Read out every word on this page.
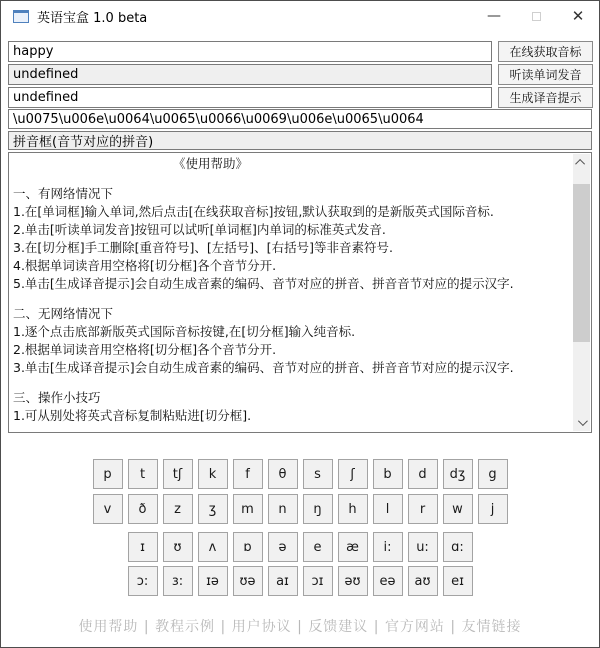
英语宝盒 1.0 beta	—	✕
happy
在线获取音标
undefined
听读单词发音
undefined
生成译音提示
\u0075\u006e\u0064\u0065\u0066\u0069\u006e\u0065\u0064
拼音框(音节对应的拼音)
《使用帮助》
一、有网络情况下
1.在[单词框]输入单词,然后点击[在线获取音标]按钮,默认获取到的是新版英式国际音标.
2.单击[听读单词发音]按钮可以试听[单词框]内单词的标准英式发音.
3.在[切分框]手工删除[重音符号]、[左括号]、[右括号]等非音素符号.
4.根据单词读音用空格将[切分框]各个音节分开.
5.单击[生成译音提示]会自动生成音素的编码、音节对应的拼音、拼音音节对应的提示汉字.
二、无网络情况下
1.逐个点击底部新版英式国际音标按键,在[切分框]输入纯音标.
2.根据单词读音用空格将[切分框]各个音节分开.
3.单击[生成译音提示]会自动生成音素的编码、音节对应的拼音、拼音音节对应的提示汉字.
三、操作小技巧
1.可从别处将英式音标复制粘贴进[切分框].
p	t	tʃ	k	f	θ	s	ʃ	b	d	dʒ	g
v	ð	z	ʒ	m	n	ŋ	h	l	r	w	j
ɪ	ʊ	ʌ	ɒ	ə	e	æ	i:	u:	ɑ:
ɔ:	ɜ:	ɪə	ʊə	aɪ	ɔɪ	əʊ	eə	aʊ	eɪ
使用帮助 | 教程示例 | 用户协议 | 反馈建议 | 官方网站 | 友情链接
